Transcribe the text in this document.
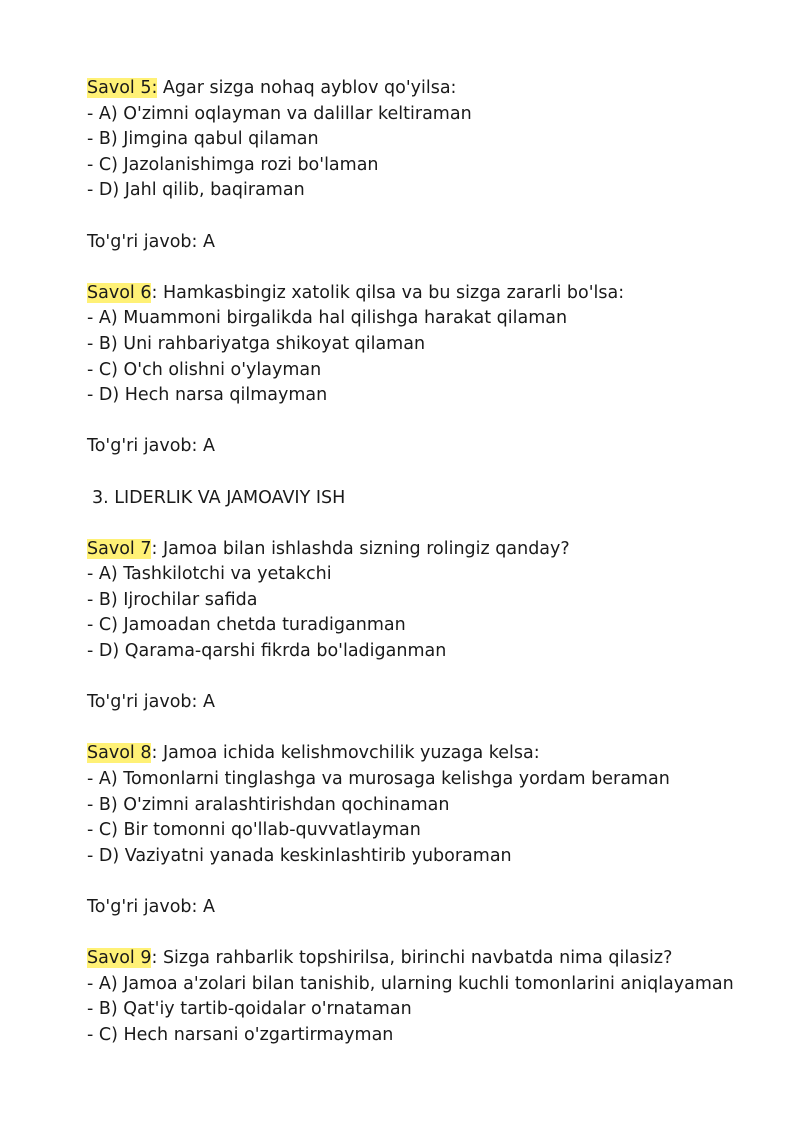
Savol 5: Agar sizga nohaq ayblov qo'yilsa:
- A) O'zimni oqlayman va dalillar keltiraman
- B) Jimgina qabul qilaman
- C) Jazolanishimga rozi bo'laman
- D) Jahl qilib, baqiraman
To'g'ri javob: A
Savol 6: Hamkasbingiz xatolik qilsa va bu sizga zararli bo'lsa:
- A) Muammoni birgalikda hal qilishga harakat qilaman
- B) Uni rahbariyatga shikoyat qilaman
- C) O'ch olishni o'ylayman
- D) Hech narsa qilmayman
To'g'ri javob: A
3. LIDERLIK VA JAMOAVIY ISH
Savol 7: Jamoa bilan ishlashda sizning rolingiz qanday?
- A) Tashkilotchi va yetakchi
- B) Ijrochilar safida
- C) Jamoadan chetda turadiganman
- D) Qarama-qarshi fikrda bo'ladiganman
To'g'ri javob: A
Savol 8: Jamoa ichida kelishmovchilik yuzaga kelsa:
- A) Tomonlarni tinglashga va murosaga kelishga yordam beraman
- B) O'zimni aralashtirishdan qochinaman
- C) Bir tomonni qo'llab-quvvatlayman
- D) Vaziyatni yanada keskinlashtirib yuboraman
To'g'ri javob: A
Savol 9: Sizga rahbarlik topshirilsa, birinchi navbatda nima qilasiz?
- A) Jamoa a'zolari bilan tanishib, ularning kuchli tomonlarini aniqlayaman
- B) Qat'iy tartib-qoidalar o'rnataman
- C) Hech narsani o'zgartirmayman
